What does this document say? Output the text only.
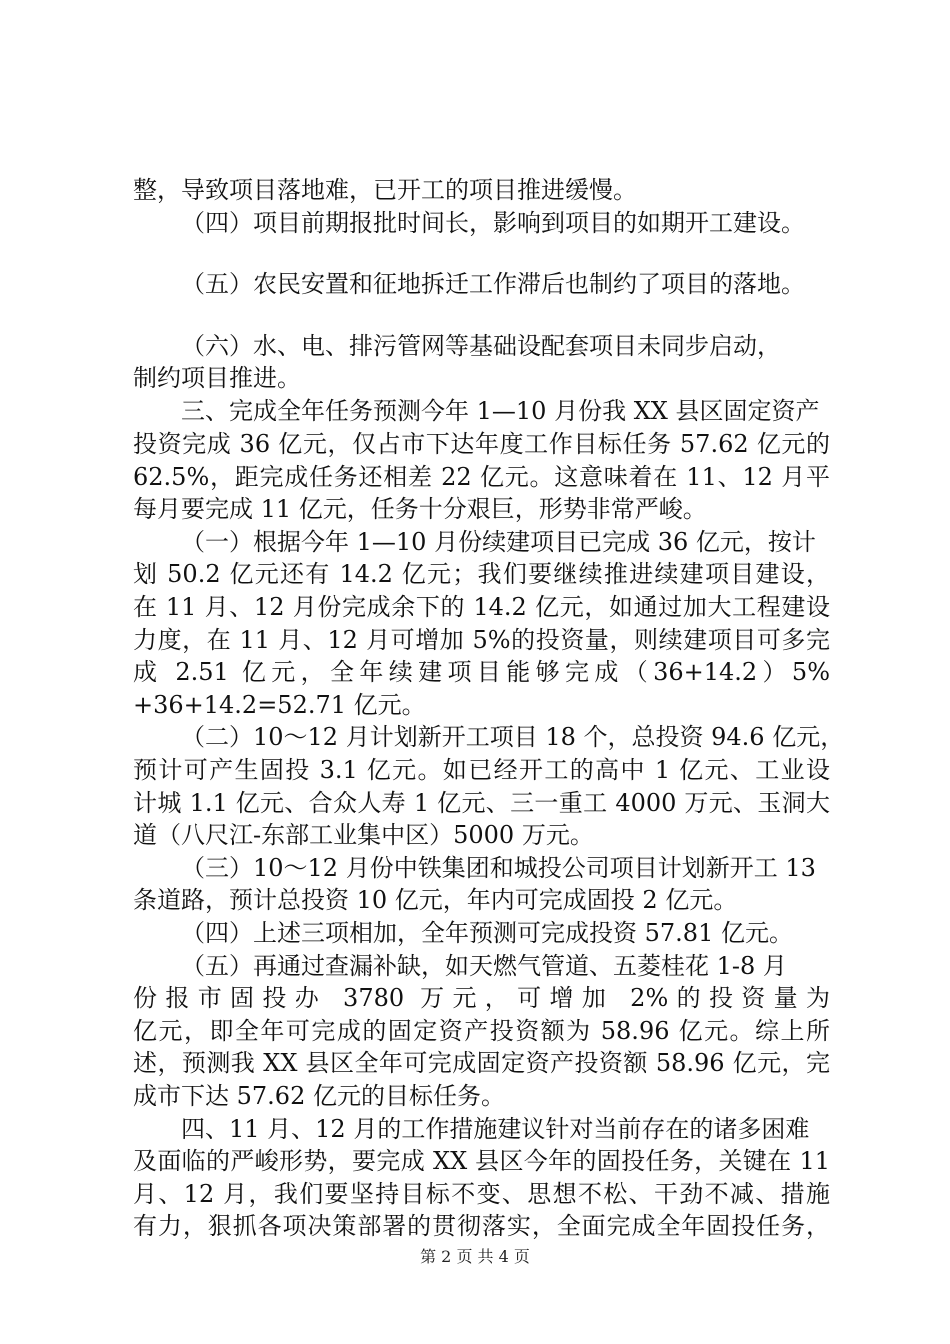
整，导致项目落地难，已开工的项目推进缓慢。
（四）项目前期报批时间长，影响到项目的如期开工建设。
（五）农民安置和征地拆迁工作滞后也制约了项目的落地。
（六）水、电、排污管网等基础设配套项目未同步启动，
制约项目推进。
三、完成全年任务预测今年 1—10 月份我 XX 县区固定资产
投资完成 36 亿元，仅占市下达年度工作目标任务 57.62 亿元的
62.5%，距完成任务还相差 22 亿元。这意味着在 11、12 月平
每月要完成 11 亿元，任务十分艰巨，形势非常严峻。
（一）根据今年 1—10 月份续建项目已完成 36 亿元，按计
划 50.2 亿元还有 14.2 亿元；我们要继续推进续建项目建设，
在 11 月、12 月份完成余下的 14.2 亿元，如通过加大工程建设
力度，在 11 月、12 月可增加 5%的投资量，则续建项目可多完
成 2.51 亿元，全年续建项目能够完成（36+14.2）5%
+36+14.2=52.71 亿元。
（二）10～12 月计划新开工项目 18 个，总投资 94.6 亿元，
预计可产生固投 3.1 亿元。如已经开工的高中 1 亿元、工业设
计城 1.1 亿元、合众人寿 1 亿元、三一重工 4000 万元、玉洞大
道（八尺江-东部工业集中区）5000 万元。
（三）10～12 月份中铁集团和城投公司项目计划新开工 13
条道路，预计总投资 10 亿元，年内可完成固投 2 亿元。
（四）上述三项相加，全年预测可完成投资 57.81 亿元。
（五）再通过查漏补缺，如天燃气管道、五菱桂花 1-8 月
份报市固投办 3780 万元，可增加 2%的投资量为
亿元，即全年可完成的固定资产投资额为 58.96 亿元。综上所
述，预测我 XX 县区全年可完成固定资产投资额 58.96 亿元，完
成市下达 57.62 亿元的目标任务。
四、11 月、12 月的工作措施建议针对当前存在的诸多困难
及面临的严峻形势，要完成 XX 县区今年的固投任务，关键在 11
月、12 月，我们要坚持目标不变、思想不松、干劲不减、措施
有力，狠抓各项决策部署的贯彻落实，全面完成全年固投任务，
第 2 页 共 4 页
